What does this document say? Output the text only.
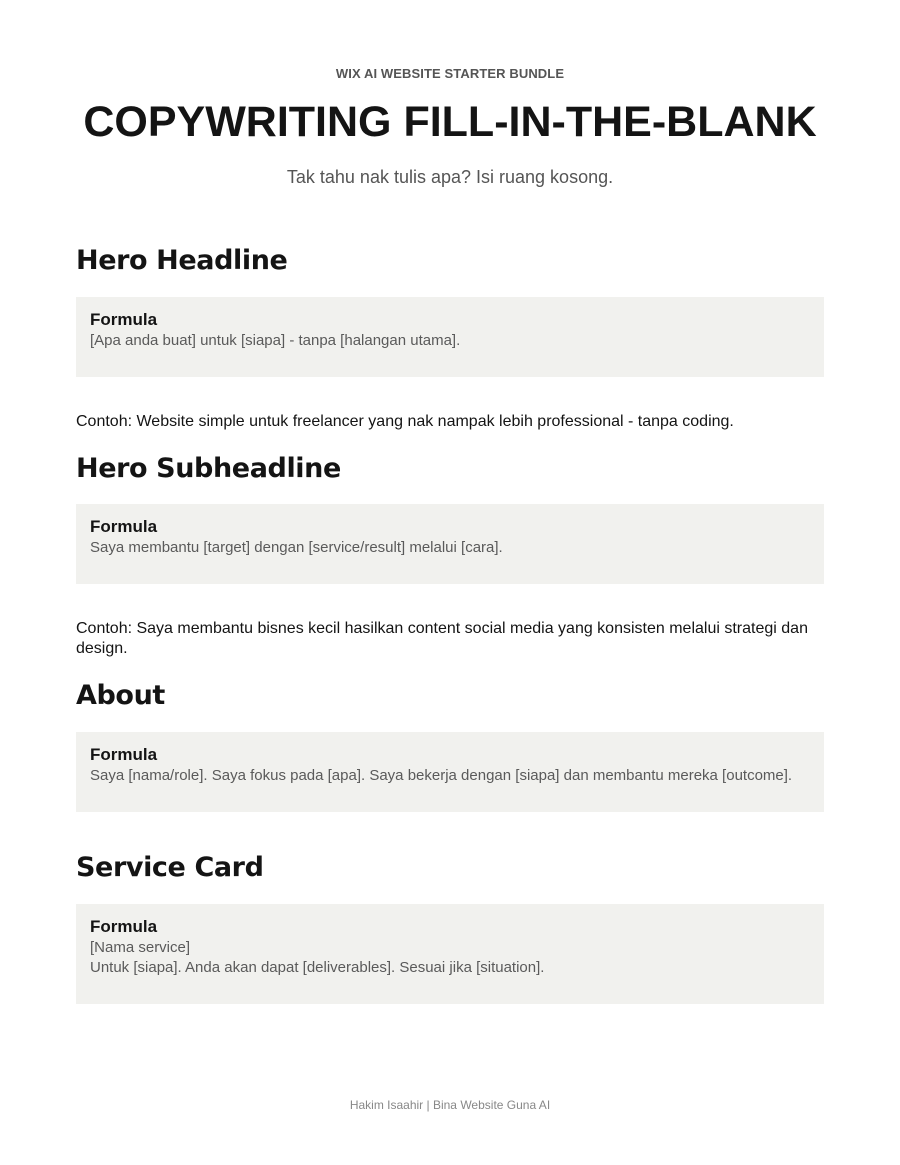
WIX AI WEBSITE STARTER BUNDLE
COPYWRITING FILL-IN-THE-BLANK
Tak tahu nak tulis apa? Isi ruang kosong.
Hero Headline
Formula
[Apa anda buat] untuk [siapa] - tanpa [halangan utama].

Contoh: Website simple untuk freelancer yang nak nampak lebih professional - tanpa coding.

Hero Subheadline
Formula
Saya membantu [target] dengan [service/result] melalui [cara].

Contoh: Saya membantu bisnes kecil hasilkan content social media yang konsisten melalui strategi dan design.

About
Formula
Saya [nama/role]. Saya fokus pada [apa]. Saya bekerja dengan [siapa] dan membantu mereka [outcome].
Service Card
Formula
[Nama service]
Untuk [siapa]. Anda akan dapat [deliverables]. Sesuai jika [situation].
Hakim Isaahir | Bina Website Guna AI
